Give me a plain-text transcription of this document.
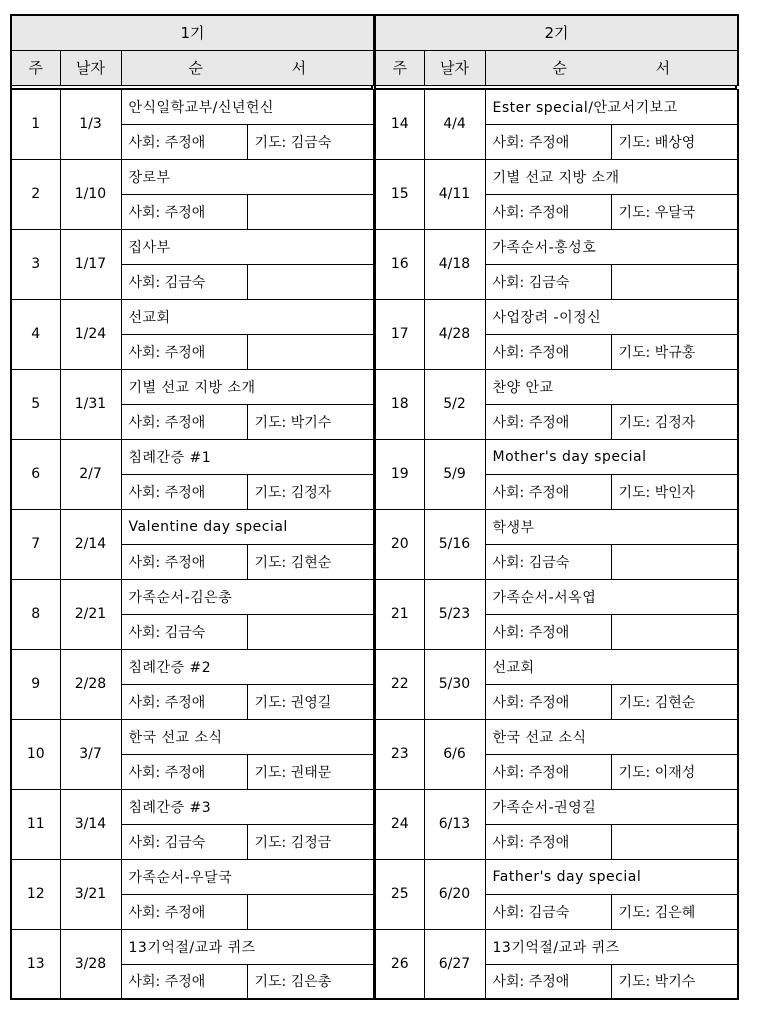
1기
주	날자	순 서
1	1/3	안식일학교부/신년헌신	
		사회: 주정애	기도: 김금숙
2	1/10	장로부	
		사회: 주정애	
3	1/17	집사부	
		사회: 김금숙	
4	1/24	선교회	
		사회: 주정애	
5	1/31	기별 선교 지방 소개	
		사회: 주정애	기도: 박기수
6	2/7	침례간증 #1	
		사회: 주정애	기도: 김정자
7	2/14	Valentine day special	
		사회: 주정애	기도: 김현순
8	2/21	가족순서-김은총	
		사회: 김금숙	
9	2/28	침례간증 #2	
		사회: 주정애	기도: 권영길
10	3/7	한국 선교 소식	
		사회: 주정애	기도: 권태문
11	3/14	침례간증 #3	
		사회: 김금숙	기도: 김정금
12	3/21	가족순서-우달국	
		사회: 주정애	
13	3/28	13기억절/교과 퀴즈	
		사회: 주정애	기도: 김은총
2기
주	날자	순 서
14	4/4	Ester special/안교서기보고	
		사회: 주정애	기도: 배상영
15	4/11	기별 선교 지방 소개	
		사회: 주정애	기도: 우달국
16	4/18	가족순서-홍성호	
		사회: 김금숙	
17	4/28	사업장려 -이정신	
		사회: 주정애	기도: 박규홍
18	5/2	찬양 안교	
		사회: 주정애	기도: 김정자
19	5/9	Mother's day special	
		사회: 주정애	기도: 박인자
20	5/16	학생부	
		사회: 김금숙	
21	5/23	가족순서-서옥엽	
		사회: 주정애	
22	5/30	선교회	
		사회: 주정애	기도: 김현순
23	6/6	한국 선교 소식	
		사회: 주정애	기도: 이재성
24	6/13	가족순서-권영길	
		사회: 주정애	
25	6/20	Father's day special	
		사회: 김금숙	기도: 김은혜
26	6/27	13기억절/교과 퀴즈	
		사회: 주정애	기도: 박기수
